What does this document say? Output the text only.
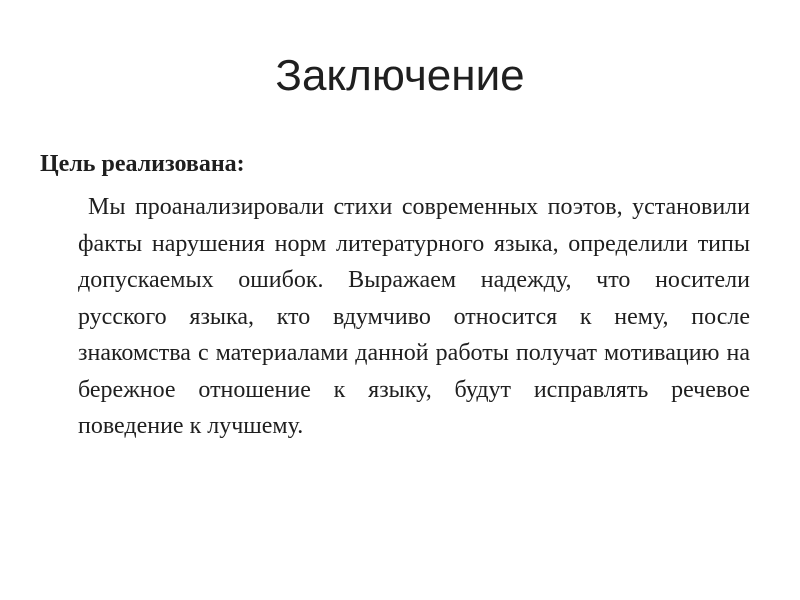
Заключение
Цель реализована:
Мы проанализировали стихи современных поэтов, установили факты нарушения норм литературного языка, определили типы допускаемых ошибок. Выражаем надежду, что носители русского языка, кто вдумчиво относится к нему, после знакомства с материалами данной работы получат мотивацию на бережное отношение к языку, будут исправлять речевое поведение к лучшему.
